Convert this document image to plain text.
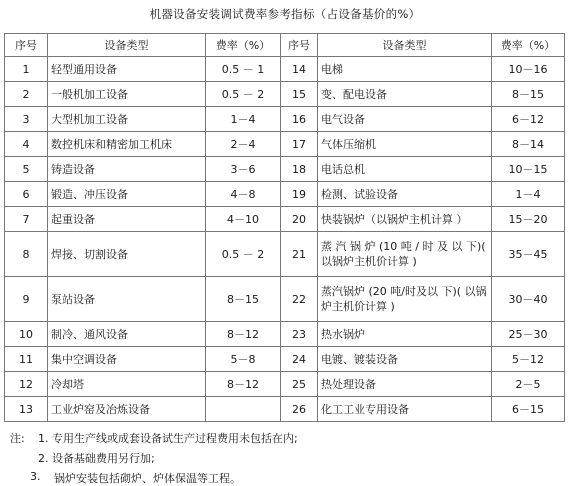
机器设备安装调试费率参考指标（占设备基价的%）
序号	设备类型	费率（%）	序号	设备类型	费率（%）
1	轻型通用设备	0.5 － 1	14	电梯	10－16
2	一般机加工设备	0.5 － 2	15	变、配电设备	8－15
3	大型机加工设备	1－4	16	电气设备	6－12
4	数控机床和精密加工机床	2－4	17	气体压缩机	8－14
5	铸造设备	3－6	18	电话总机	10－15
6	锻造、冲压设备	4－8	19	检测、试验设备	1－4
7	起重设备	4－10	20	快装锅炉（以锅炉主机计算 ）	15－20
8	焊接、切割设备	0.5 － 2	21	蒸 汽 锅 炉 (10 吨 / 时 及 以 下)( 以锅炉主机价计算 )	35－45
9	泵站设备	8－15	22	蒸汽锅炉 (20 吨/时及以 下)( 以锅炉主机价计算 )	30－40
10	制冷、通风设备	8－12	23	热水锅炉	25－30
11	集中空调设备	5－8	24	电镀、镀装设备	5－12
12	冷却塔	8－12	25	热处理设备	2－5
13	工业炉窑及冶炼设备		26	化工工业专用设备	6－15
注: 1. 专用生产线或成套设备试生产过程费用未包括在内;
2. 设备基础费用另行加;
3. 锅炉安装包括砌炉、炉体保温等工程。
